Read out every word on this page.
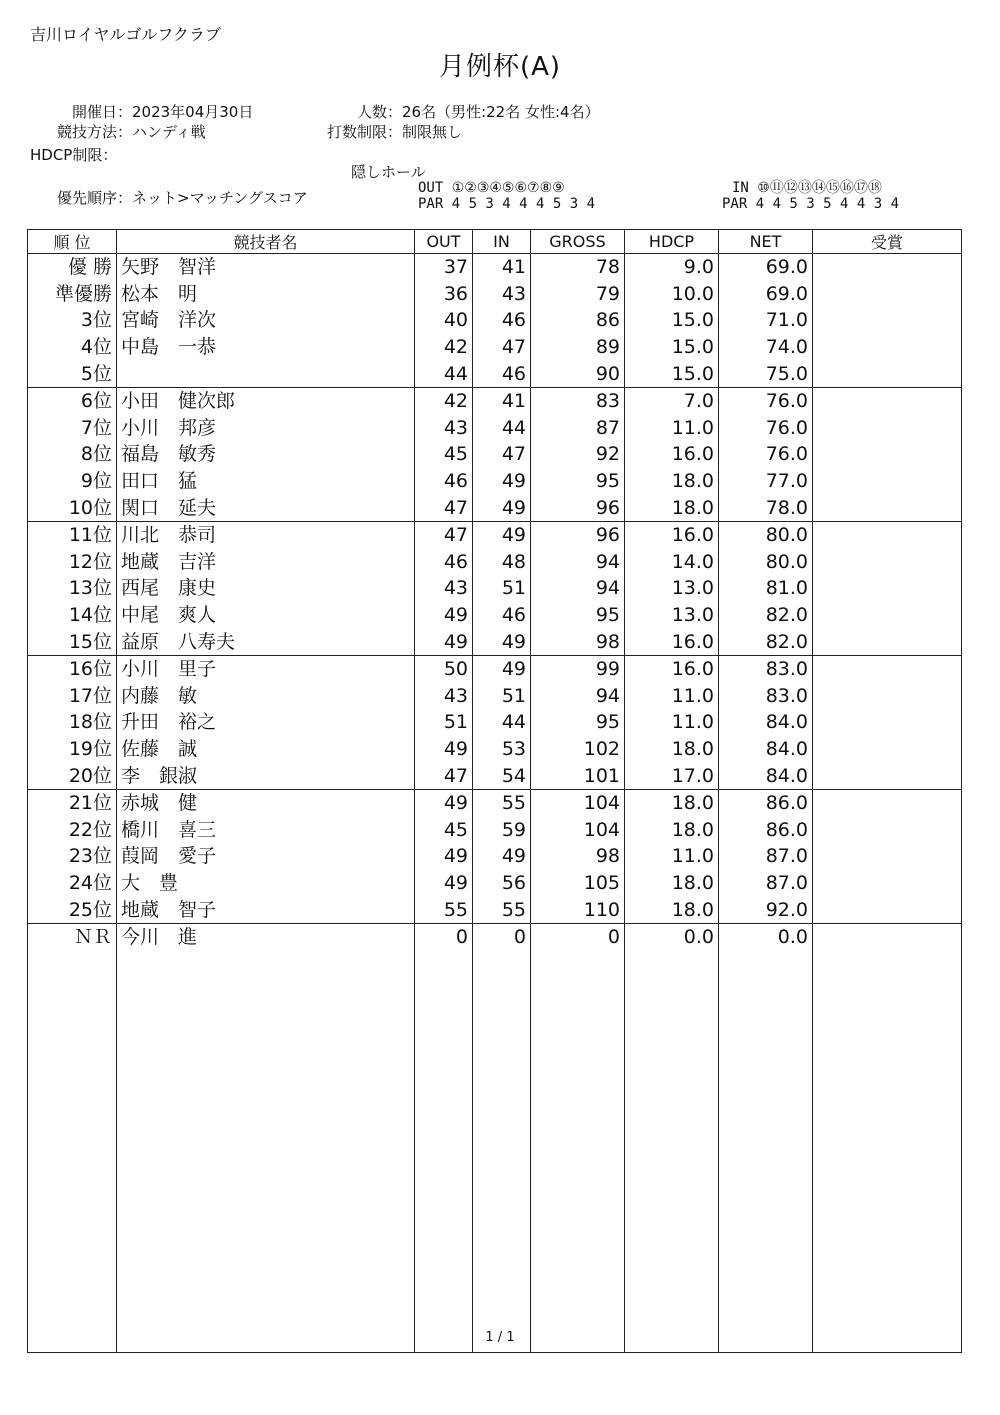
吉川ロイヤルゴルフクラブ
月例杯(A)
開催日：2023年04月30日
競技方法：ハンディ戦
HDCP制限：
人数：26名（男性:22名 女性:4名）
打数制限：制限無し
隠しホール
優先順序：ネット>マッチングスコア
OUT ①②③④⑤⑥⑦⑧⑨
PAR 4 5 3 4 4 4 5 3 4
IN ⑩⑪⑫⑬⑭⑮⑯⑰⑱
PAR 4 4 5 3 5 4 4 3 4
順 位	競技者名	OUT	IN	GROSS	HDCP	NET	受賞
優 勝	矢野　智洋	37	41	78	9.0	69.0	
準優勝	松本　明	36	43	79	10.0	69.0	
3位	宮崎　洋次	40	46	86	15.0	71.0	
4位	中島　一恭	42	47	89	15.0	74.0	
5位		44	46	90	15.0	75.0	
6位	小田　健次郎	42	41	83	7.0	76.0	
7位	小川　邦彦	43	44	87	11.0	76.0	
8位	福島　敏秀	45	47	92	16.0	76.0	
9位	田口　猛	46	49	95	18.0	77.0	
10位	関口　延夫	47	49	96	18.0	78.0	
11位	川北　恭司	47	49	96	16.0	80.0	
12位	地蔵　吉洋	46	48	94	14.0	80.0	
13位	西尾　康史	43	51	94	13.0	81.0	
14位	中尾　爽人	49	46	95	13.0	82.0	
15位	益原　八寿夫	49	49	98	16.0	82.0	
16位	小川　里子	50	49	99	16.0	83.0	
17位	内藤　敏	43	51	94	11.0	83.0	
18位	升田　裕之	51	44	95	11.0	84.0	
19位	佐藤　誠	49	53	102	18.0	84.0	
20位	李　銀淑	47	54	101	17.0	84.0	
21位	赤城　健	49	55	104	18.0	86.0	
22位	橋川　喜三	45	59	104	18.0	86.0	
23位	葭岡　愛子	49	49	98	11.0	87.0	
24位	大　豊	49	56	105	18.0	87.0	
25位	地蔵　智子	55	55	110	18.0	92.0	
ＮＲ	今川　進	0	0	0	0.0	0.0	

1 / 1
